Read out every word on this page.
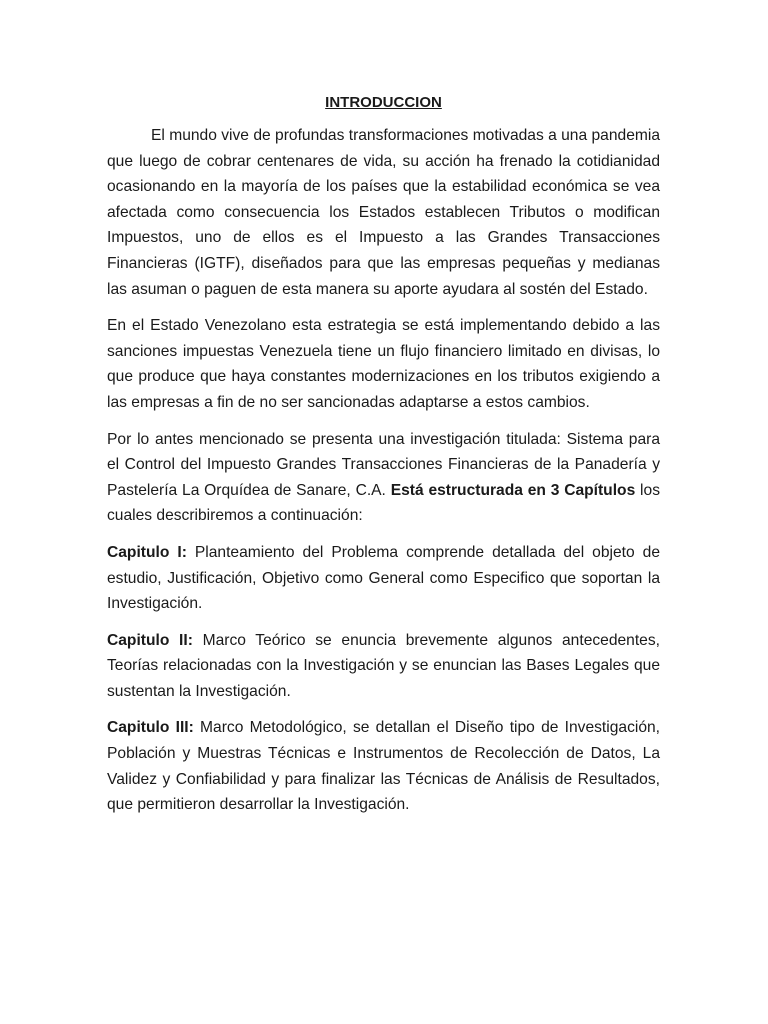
INTRODUCCION

El mundo vive de profundas transformaciones motivadas a una pandemia que luego de cobrar centenares de vida, su acción ha frenado la cotidianidad ocasionando en la mayoría de los países que la estabilidad económica se vea afectada como consecuencia los Estados establecen Tributos o modifican Impuestos, uno de ellos es el Impuesto a las Grandes Transacciones Financieras (IGTF), diseñados para que las empresas pequeñas y medianas las asuman o paguen de esta manera su aporte ayudara al sostén del Estado.

En el Estado Venezolano esta estrategia se está implementando debido a las sanciones impuestas Venezuela tiene un flujo financiero limitado en divisas, lo que produce que haya constantes modernizaciones en los tributos exigiendo a las empresas a fin de no ser sancionadas adaptarse a estos cambios.

Por lo antes mencionado se presenta una investigación titulada: Sistema para el Control del Impuesto Grandes Transacciones Financieras de la Panadería y Pastelería La Orquídea de Sanare, C.A. Está estructurada en 3 Capítulos los cuales describiremos a continuación:

Capitulo I: Planteamiento del Problema comprende detallada del objeto de estudio, Justificación, Objetivo como General como Especifico que soportan la Investigación.

Capitulo II: Marco Teórico se enuncia brevemente algunos antecedentes, Teorías relacionadas con la Investigación y se enuncian las Bases Legales que sustentan la Investigación.

Capitulo III: Marco Metodológico, se detallan el Diseño tipo de Investigación, Población y Muestras Técnicas e Instrumentos de Recolección de Datos, La Validez y Confiabilidad y para finalizar las Técnicas de Análisis de Resultados, que permitieron desarrollar la Investigación.
